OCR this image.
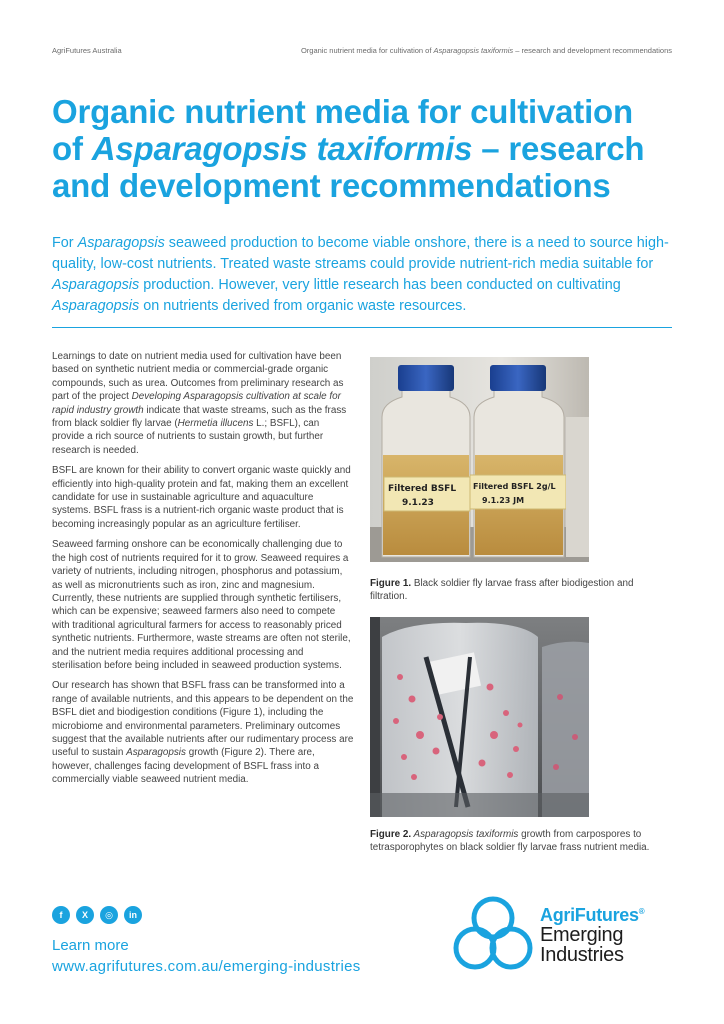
AgriFutures Australia	Organic nutrient media for cultivation of Asparagopsis taxiformis – research and development recommendations
Organic nutrient media for cultivation
of Asparagopsis taxiformis – research
and development recommendations

For Asparagopsis seaweed production to become viable onshore, there is a need to source high-quality, low-cost nutrients. Treated waste streams could provide nutrient-rich media suitable for Asparagopsis production. However, very little research has been conducted on cultivating Asparagopsis on nutrients derived from organic waste resources.

Learnings to date on nutrient media used for cultivation have been based on synthetic nutrient media or commercial-grade organic compounds, such as urea. Outcomes from preliminary research as part of the project Developing Asparagopsis cultivation at scale for rapid industry growth indicate that waste streams, such as the frass from black soldier fly larvae (Hermetia illucens L.; BSFL), can provide a rich source of nutrients to sustain growth, but further research is needed.

BSFL are known for their ability to convert organic waste quickly and efficiently into high-quality protein and fat, making them an excellent candidate for use in sustainable agriculture and aquaculture systems. BSFL frass is a nutrient-rich organic waste product that is becoming increasingly popular as an agriculture fertiliser.

Seaweed farming onshore can be economically challenging due to the high cost of nutrients required for it to grow. Seaweed requires a variety of nutrients, including nitrogen, phosphorus and potassium, as well as micronutrients such as iron, zinc and magnesium. Currently, these nutrients are supplied through synthetic fertilisers, which can be expensive; seaweed farmers also need to compete with traditional agricultural farmers for access to reasonably priced synthetic nutrients. Furthermore, waste streams are often not sterile, and the nutrient media requires additional processing and sterilisation before being included in seaweed production systems.

Our research has shown that BSFL frass can be transformed into a range of available nutrients, and this appears to be dependent on the BSFL diet and biodigestion conditions (Figure 1), including the microbiome and environmental parameters. Preliminary outcomes suggest that the available nutrients after our rudimentary process are useful to sustain Asparagopsis growth (Figure 2). There are, however, challenges facing development of BSFL frass into a commercially viable seaweed nutrient media.

Filtered BSFL
9.1.23
Filtered BSFL 2g/L
9.1.23 JM

Figure 1. Black soldier fly larvae frass after biodigestion and filtration.

Figure 2. Asparagopsis taxiformis growth from carpospores to tetrasporophytes on black soldier fly larvae frass nutrient media.

f	X	◎	in
Learn more
www.agrifutures.com.au/emerging-industries
AgriFutures®
Emerging
Industries
